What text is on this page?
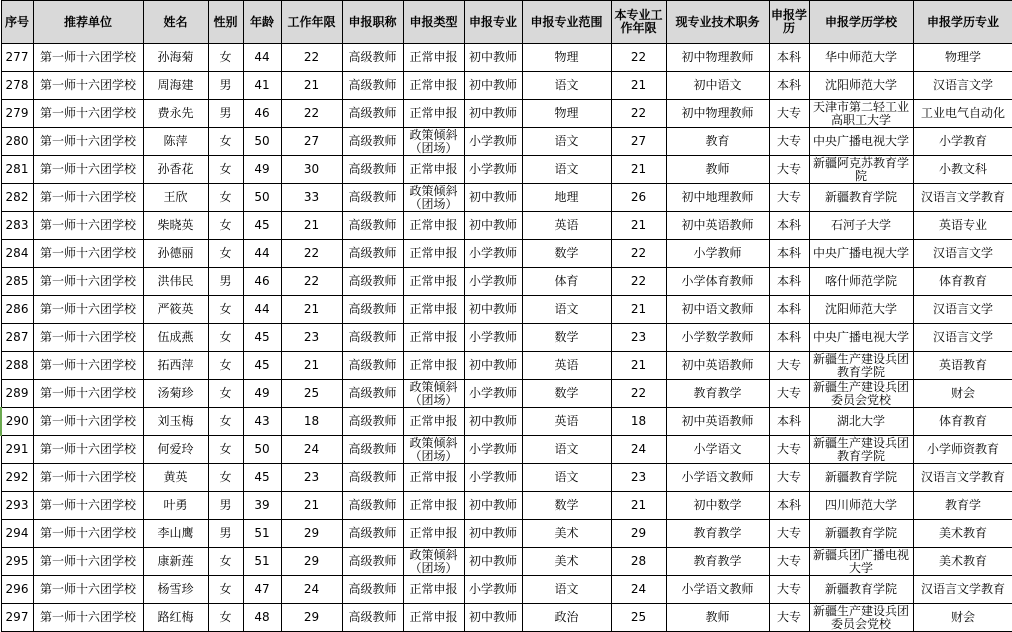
序号	推荐单位	姓名	性别	年龄	工作年限	申报职称	申报类型	申报专业	申报专业范围	本专业工作年限	现专业技术职务	申报学历	申报学历学校	申报学历专业
277	第一师十六团学校	孙海菊	女	44	22	高级教师	正常申报	初中教师	物理	22	初中物理教师	本科	华中师范大学	物理学
278	第一师十六团学校	周海建	男	41	21	高级教师	正常申报	初中教师	语文	21	初中语文	本科	沈阳师范大学	汉语言文学
279	第一师十六团学校	费永先	男	46	22	高级教师	正常申报	初中教师	物理	22	初中物理教师	大专	天津市第二轻工业高职工大学	工业电气自动化
280	第一师十六团学校	陈萍	女	50	27	高级教师	政策倾斜（团场）	小学教师	语文	27	教育	大专	中央广播电视大学	小学教育
281	第一师十六团学校	孙香花	女	49	30	高级教师	正常申报	小学教师	语文	21	教师	大专	新疆阿克苏教育学院	小教文科
282	第一师十六团学校	王欣	女	50	33	高级教师	政策倾斜（团场）	初中教师	地理	26	初中地理教师	大专	新疆教育学院	汉语言文学教育
283	第一师十六团学校	柴晓英	女	45	21	高级教师	正常申报	初中教师	英语	21	初中英语教师	本科	石河子大学	英语专业
284	第一师十六团学校	孙德丽	女	44	22	高级教师	正常申报	小学教师	数学	22	小学教师	本科	中央广播电视大学	汉语言文学
285	第一师十六团学校	洪伟民	男	46	22	高级教师	正常申报	小学教师	体育	22	小学体育教师	本科	喀什师范学院	体育教育
286	第一师十六团学校	严筱英	女	44	21	高级教师	正常申报	初中教师	语文	21	初中语文教师	本科	沈阳师范大学	汉语言文学
287	第一师十六团学校	伍成燕	女	45	23	高级教师	正常申报	小学教师	数学	23	小学数学教师	本科	中央广播电视大学	汉语言文学
288	第一师十六团学校	拓西萍	女	45	21	高级教师	正常申报	初中教师	英语	21	初中英语教师	大专	新疆生产建设兵团教育学院	英语教育
289	第一师十六团学校	汤菊珍	女	49	25	高级教师	政策倾斜（团场）	小学教师	数学	22	教育教学	大专	新疆生产建设兵团委员会党校	财会
290	第一师十六团学校	刘玉梅	女	43	18	高级教师	正常申报	初中教师	英语	18	初中英语教师	本科	湖北大学	体育教育
291	第一师十六团学校	何爱玲	女	50	24	高级教师	政策倾斜（团场）	小学教师	语文	24	小学语文	大专	新疆生产建设兵团教育学院	小学师资教育
292	第一师十六团学校	黄英	女	45	23	高级教师	正常申报	小学教师	语文	23	小学语文教师	大专	新疆教育学院	汉语言文学教育
293	第一师十六团学校	叶勇	男	39	21	高级教师	正常申报	初中教师	数学	21	初中数学	本科	四川师范大学	教育学
294	第一师十六团学校	李山鹰	男	51	29	高级教师	正常申报	初中教师	美术	29	教育教学	大专	新疆教育学院	美术教育
295	第一师十六团学校	康新莲	女	51	29	高级教师	政策倾斜（团场）	初中教师	美术	28	教育教学	大专	新疆兵团广播电视大学	美术教育
296	第一师十六团学校	杨雪珍	女	47	24	高级教师	正常申报	小学教师	语文	24	小学语文教师	大专	新疆教育学院	汉语言文学教育
297	第一师十六团学校	路红梅	女	48	29	高级教师	正常申报	初中教师	政治	25	教师	大专	新疆生产建设兵团委员会党校	财会
